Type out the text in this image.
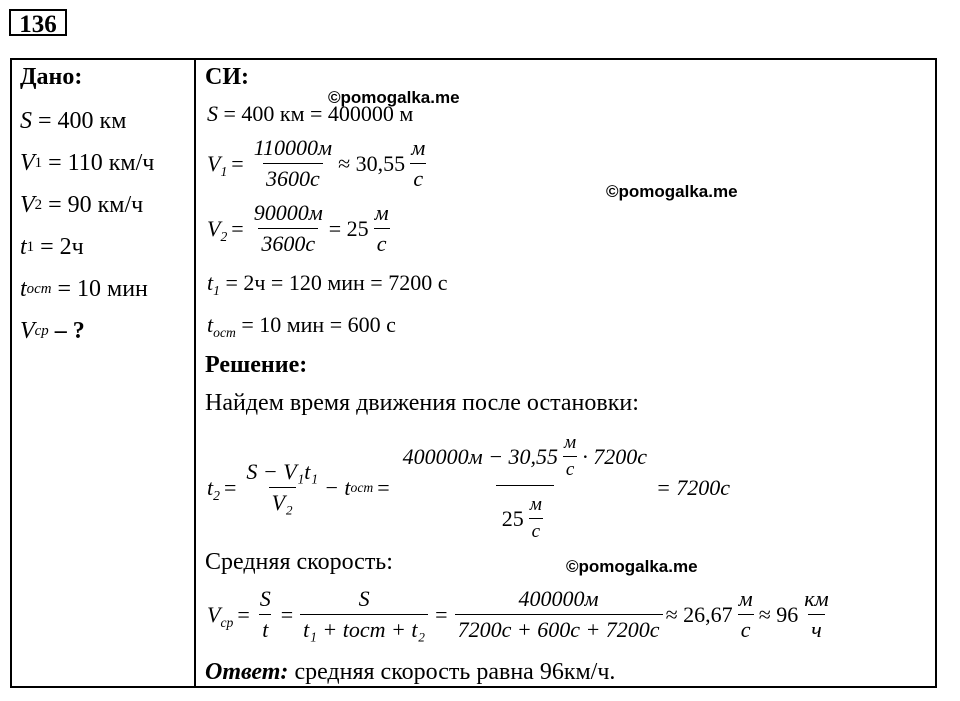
136
Дано:
S
= 400 км
V 1
= 110 км/ч
V 2
= 90 км/ч
t 1
= 2ч
t ост
= 10 мин
V ср
– ?
СИ:
S
= 400 км = 400000 м
$V_1 = \frac{110000м}{3600с} \approx 30,55 \frac{м}{с}$
$V_2 = \frac{90000м}{3600с} = 25 \frac{м}{с}$
$t_1$
= 2ч = 120 мин = 7200 с
$t_{ост}$
= 10 мин = 600 с
Решение:
Найдем время движения после остановки:
$t_2 = \frac{\text{S − V₁t₁}}{\text{V₂}} - t$ ост = $\frac{400000м - 30,55 \frac{м}{с} \cdot 7200с}{25 \frac{м}{с}} = 7200с$
Средняя скорость:
$V_{ср} = \frac{S}{t} = \frac{S}{\text{t₁ + tост + t₂}} = \frac{400000м}{7200с + 600с + 7200с} \approx 26,67 \frac{м}{с} \approx 96 \frac{км}{ч}$
Ответ: средняя скорость равна 96км/ч.
©pomogalka.me
©pomogalka.me
©pomogalka.me
